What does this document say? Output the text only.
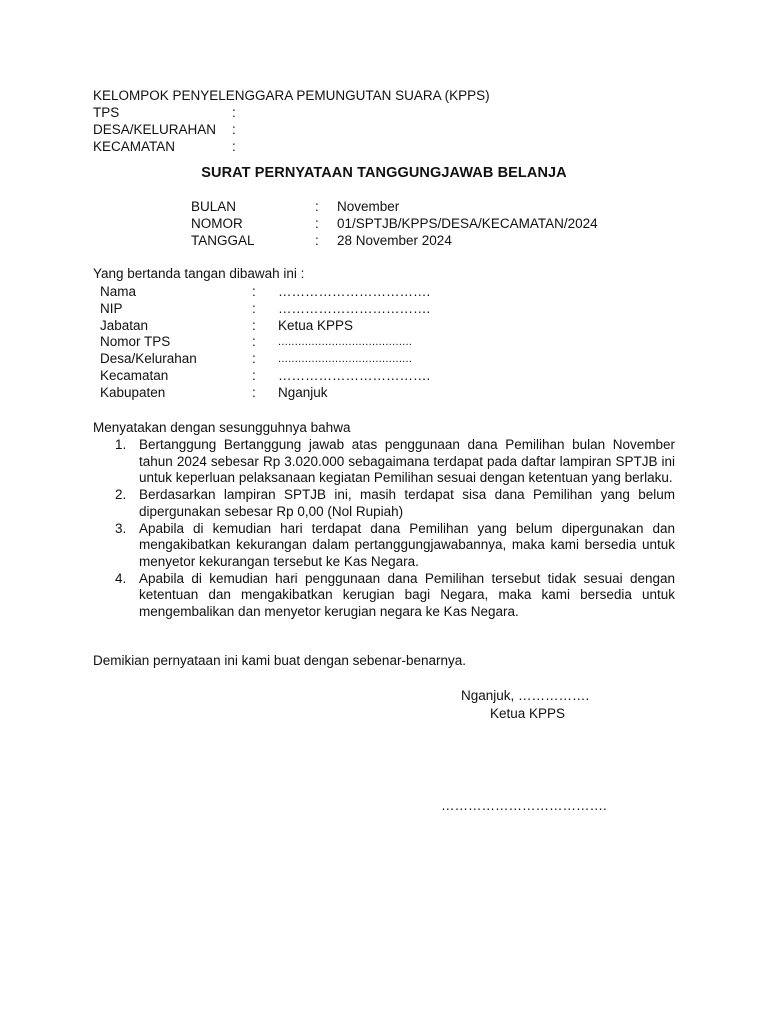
KELOMPOK PENYELENGGARA PEMUNGUTAN SUARA (KPPS)
TPS	:
DESA/KELURAHAN	:
KECAMATAN	:
SURAT PERNYATAAN TANGGUNGJAWAB BELANJA
BULAN	:	November
NOMOR	:	01/SPTJB/KPPS/DESA/KECAMATAN/2024
TANGGAL	:	28 November 2024
Yang bertanda tangan dibawah ini :
Nama	:	…………………………….
NIP	:	…………………………….
Jabatan	:	Ketua KPPS
Nomor TPS	:	........................................
Desa/Kelurahan	:	........................................
Kecamatan	:	…………………………….
Kabupaten	:	Nganjuk
Menyatakan dengan sesungguhnya bahwa
1. Bertanggung Bertanggung jawab atas penggunaan dana Pemilihan bulan November tahun 2024 sebesar Rp 3.020.000 sebagaimana terdapat pada daftar lampiran SPTJB ini untuk keperluan pelaksanaan kegiatan Pemilihan sesuai dengan ketentuan yang berlaku.
2. Berdasarkan lampiran SPTJB ini, masih terdapat sisa dana Pemilihan yang belum dipergunakan sebesar Rp 0,00 (Nol Rupiah)
3. Apabila di kemudian hari terdapat dana Pemilihan yang belum dipergunakan dan mengakibatkan kekurangan dalam pertanggungjawabannya, maka kami bersedia untuk menyetor kekurangan tersebut ke Kas Negara.
4. Apabila di kemudian hari penggunaan dana Pemilihan tersebut tidak sesuai dengan ketentuan dan mengakibatkan kerugian bagi Negara, maka kami bersedia untuk mengembalikan dan menyetor kerugian negara ke Kas Negara.
Demikian pernyataan ini kami buat dengan sebenar-benarnya.
Nganjuk, …………….
Ketua KPPS
……………………………….
